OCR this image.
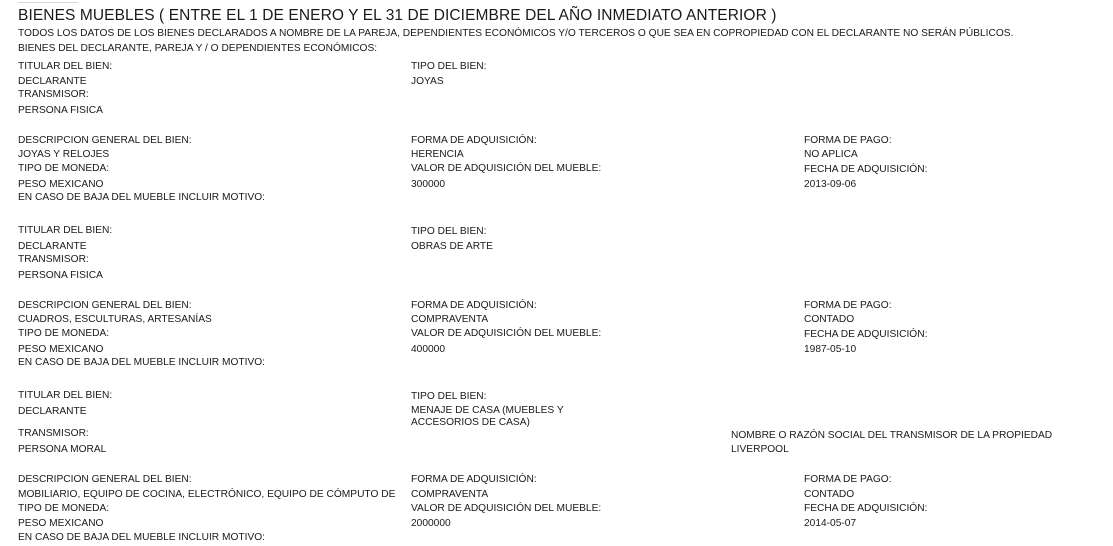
BIENES MUEBLES ( ENTRE EL 1 DE ENERO Y EL 31 DE DICIEMBRE DEL AÑO INMEDIATO ANTERIOR )
TODOS LOS DATOS DE LOS BIENES DECLARADOS A NOMBRE DE LA PAREJA, DEPENDIENTES ECONÓMICOS Y/O TERCEROS O QUE SEA EN COPROPIEDAD CON EL DECLARANTE NO SERÁN PÚBLICOS.
BIENES DEL DECLARANTE, PAREJA Y / O DEPENDIENTES ECONÓMICOS:
TITULAR DEL BIEN:
DECLARANTE
TRANSMISOR:
PERSONA FISICA
TIPO DEL BIEN:
JOYAS
DESCRIPCION GENERAL DEL BIEN:
JOYAS Y RELOJES
TIPO DE MONEDA:
PESO MEXICANO
EN CASO DE BAJA DEL MUEBLE INCLUIR MOTIVO:
FORMA DE ADQUISICIÓN:
HERENCIA
VALOR DE ADQUISICIÓN DEL MUEBLE:
300000
FORMA DE PAGO:
NO APLICA
FECHA DE ADQUISICIÓN:
2013-09-06
TITULAR DEL BIEN:
DECLARANTE
TRANSMISOR:
PERSONA FISICA
TIPO DEL BIEN:
OBRAS DE ARTE
DESCRIPCION GENERAL DEL BIEN:
CUADROS, ESCULTURAS, ARTESANÍAS
TIPO DE MONEDA:
PESO MEXICANO
EN CASO DE BAJA DEL MUEBLE INCLUIR MOTIVO:
FORMA DE ADQUISICIÓN:
COMPRAVENTA
VALOR DE ADQUISICIÓN DEL MUEBLE:
400000
FORMA DE PAGO:
CONTADO
FECHA DE ADQUISICIÓN:
1987-05-10
TITULAR DEL BIEN:
DECLARANTE
TRANSMISOR:
PERSONA MORAL
TIPO DEL BIEN:
MENAJE DE CASA (MUEBLES Y ACCESORIOS DE CASA)
NOMBRE O RAZÓN SOCIAL DEL TRANSMISOR DE LA PROPIEDAD
LIVERPOOL
DESCRIPCION GENERAL DEL BIEN:
MOBILIARIO, EQUIPO DE COCINA, ELECTRÓNICO, EQUIPO DE CÓMPUTO DE
TIPO DE MONEDA:
PESO MEXICANO
EN CASO DE BAJA DEL MUEBLE INCLUIR MOTIVO:
FORMA DE ADQUISICIÓN:
COMPRAVENTA
VALOR DE ADQUISICIÓN DEL MUEBLE:
2000000
FORMA DE PAGO:
CONTADO
FECHA DE ADQUISICIÓN:
2014-05-07
